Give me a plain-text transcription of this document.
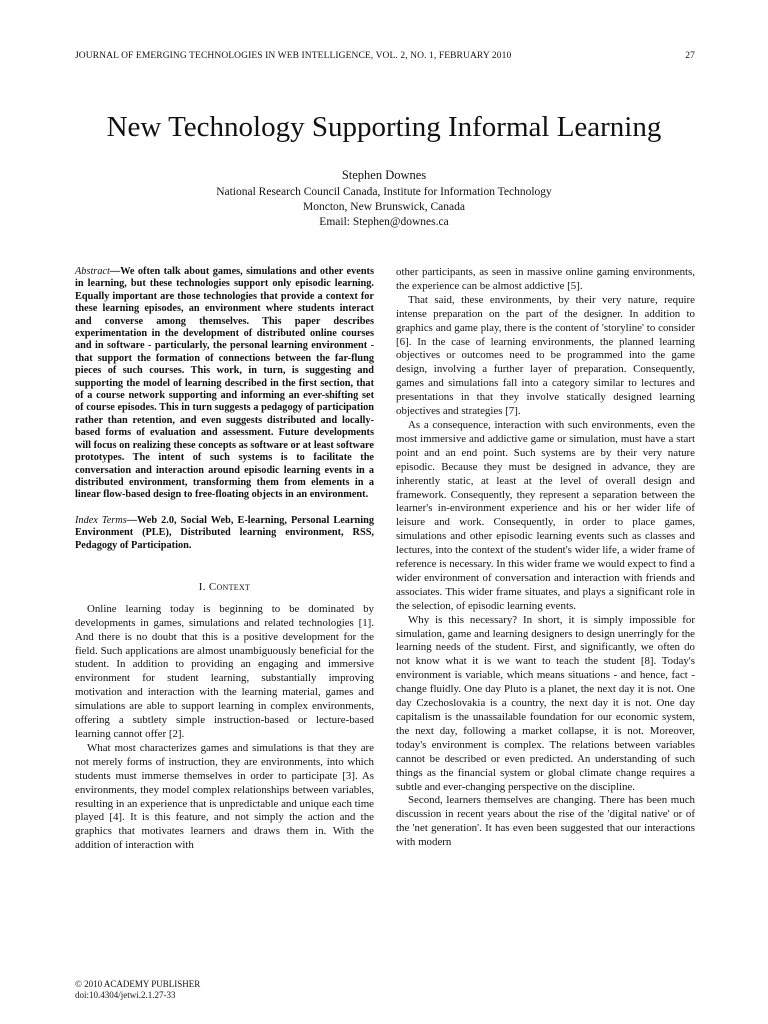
JOURNAL OF EMERGING TECHNOLOGIES IN WEB INTELLIGENCE, VOL. 2, NO. 1, FEBRUARY 2010	27
New Technology Supporting Informal Learning
Stephen Downes
National Research Council Canada, Institute for Information Technology
Moncton, New Brunswick, Canada
Email: Stephen@downes.ca

Abstract—We often talk about games, simulations and other events in learning, but these technologies support only episodic learning. Equally important are those technologies that provide a context for these learning episodes, an environment where students interact and converse among themselves. This paper describes experimentation in the development of distributed online courses and in software - particularly, the personal learning environment - that support the formation of connections between the far-flung pieces of such courses. This work, in turn, is suggesting and supporting the model of learning described in the first section, that of a course network supporting and informing an ever-shifting set of course episodes. This in turn suggests a pedagogy of participation rather than retention, and even suggests distributed and locally-based forms of evaluation and assessment. Future developments will focus on realizing these concepts as software or at least software prototypes. The intent of such systems is to facilitate the conversation and interaction around episodic learning events in a distributed environment, transforming them from elements in a linear flow-based design to free-floating objects in an environment.

Index Terms—Web 2.0, Social Web, E-learning, Personal Learning Environment (PLE), Distributed learning environment, RSS, Pedagogy of Participation.

I. Context

Online learning today is beginning to be dominated by developments in games, simulations and related technologies [1]. And there is no doubt that this is a positive development for the field. Such applications are almost unambiguously beneficial for the student. In addition to providing an engaging and immersive environment for student learning, substantially improving motivation and interaction with the learning material, games and simulations are able to support learning in complex environments, offering a subtlety simple instruction-based or lecture-based learning cannot offer [2].

What most characterizes games and simulations is that they are not merely forms of instruction, they are environments, into which students must immerse themselves in order to participate [3]. As environments, they model complex relationships between variables, resulting in an experience that is unpredictable and unique each time played [4]. It is this feature, and not simply the action and the graphics that motivates learners and draws them in. With the addition of interaction with

other participants, as seen in massive online gaming environments, the experience can be almost addictive [5].

That said, these environments, by their very nature, require intense preparation on the part of the designer. In addition to graphics and game play, there is the content of 'storyline' to consider [6]. In the case of learning environments, the planned learning objectives or outcomes need to be programmed into the game design, involving a further layer of preparation. Consequently, games and simulations fall into a category similar to lectures and presentations in that they involve statically designed learning objectives and strategies [7].

As a consequence, interaction with such environments, even the most immersive and addictive game or simulation, must have a start point and an end point. Such systems are by their very nature episodic. Because they must be designed in advance, they are inherently static, at least at the level of overall design and framework. Consequently, they represent a separation between the learner's in-environment experience and his or her wider life of leisure and work. Consequently, in order to place games, simulations and other episodic learning events such as classes and lectures, into the context of the student's wider life, a wider frame of reference is necessary. In this wider frame we would expect to find a wider environment of conversation and interaction with friends and associates. This wider frame situates, and plays a significant role in the selection, of episodic learning events.

Why is this necessary? In short, it is simply impossible for simulation, game and learning designers to design unerringly for the learning needs of the student. First, and significantly, we often do not know what it is we want to teach the student [8]. Today's environment is variable, which means situations - and hence, fact - change fluidly. One day Pluto is a planet, the next day it is not. One day Czechoslovakia is a country, the next day it is not. One day capitalism is the unassailable foundation for our economic system, the next day, following a market collapse, it is not. Moreover, today's environment is complex. The relations between variables cannot be described or even predicted. An understanding of such things as the financial system or global climate change requires a subtle and ever-changing perspective on the discipline.

Second, learners themselves are changing. There has been much discussion in recent years about the rise of the 'digital native' or of the 'net generation'. It has even been suggested that our interactions with modern

© 2010 ACADEMY PUBLISHER
doi:10.4304/jetwi.2.1.27-33
